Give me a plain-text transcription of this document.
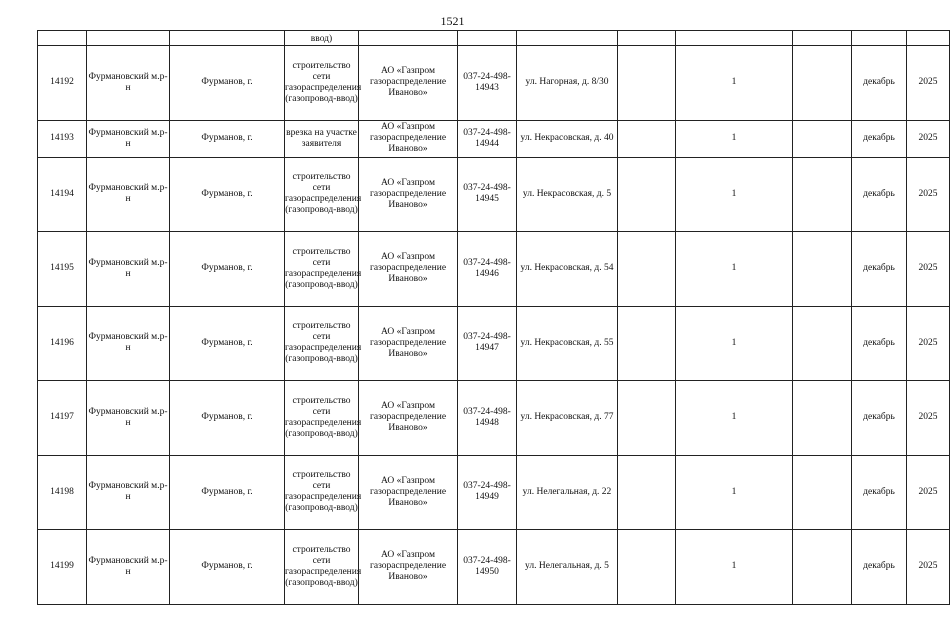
1521
			ввод)								
14192	Фурмановский м.р-н	Фурманов, г.	строительство сети газораспределения (газопровод-ввод)	АО «Газпром газораспределение Иваново»	037-24-498-14943	ул. Нагорная, д. 8/30		1		декабрь	2025
14193	Фурмановский м.р-н	Фурманов, г.	врезка на участке заявителя	АО «Газпром газораспределение Иваново»	037-24-498-14944	ул. Некрасовская, д. 40		1		декабрь	2025
14194	Фурмановский м.р-н	Фурманов, г.	строительство сети газораспределения (газопровод-ввод)	АО «Газпром газораспределение Иваново»	037-24-498-14945	ул. Некрасовская, д. 5		1		декабрь	2025
14195	Фурмановский м.р-н	Фурманов, г.	строительство сети газораспределения (газопровод-ввод)	АО «Газпром газораспределение Иваново»	037-24-498-14946	ул. Некрасовская, д. 54		1		декабрь	2025
14196	Фурмановский м.р-н	Фурманов, г.	строительство сети газораспределения (газопровод-ввод)	АО «Газпром газораспределение Иваново»	037-24-498-14947	ул. Некрасовская, д. 55		1		декабрь	2025
14197	Фурмановский м.р-н	Фурманов, г.	строительство сети газораспределения (газопровод-ввод)	АО «Газпром газораспределение Иваново»	037-24-498-14948	ул. Некрасовская, д. 77		1		декабрь	2025
14198	Фурмановский м.р-н	Фурманов, г.	строительство сети газораспределения (газопровод-ввод)	АО «Газпром газораспределение Иваново»	037-24-498-14949	ул. Нелегальная, д. 22		1		декабрь	2025
14199	Фурмановский м.р-н	Фурманов, г.	строительство сети газораспределения (газопровод-ввод)	АО «Газпром газораспределение Иваново»	037-24-498-14950	ул. Нелегальная, д. 5		1		декабрь	2025
